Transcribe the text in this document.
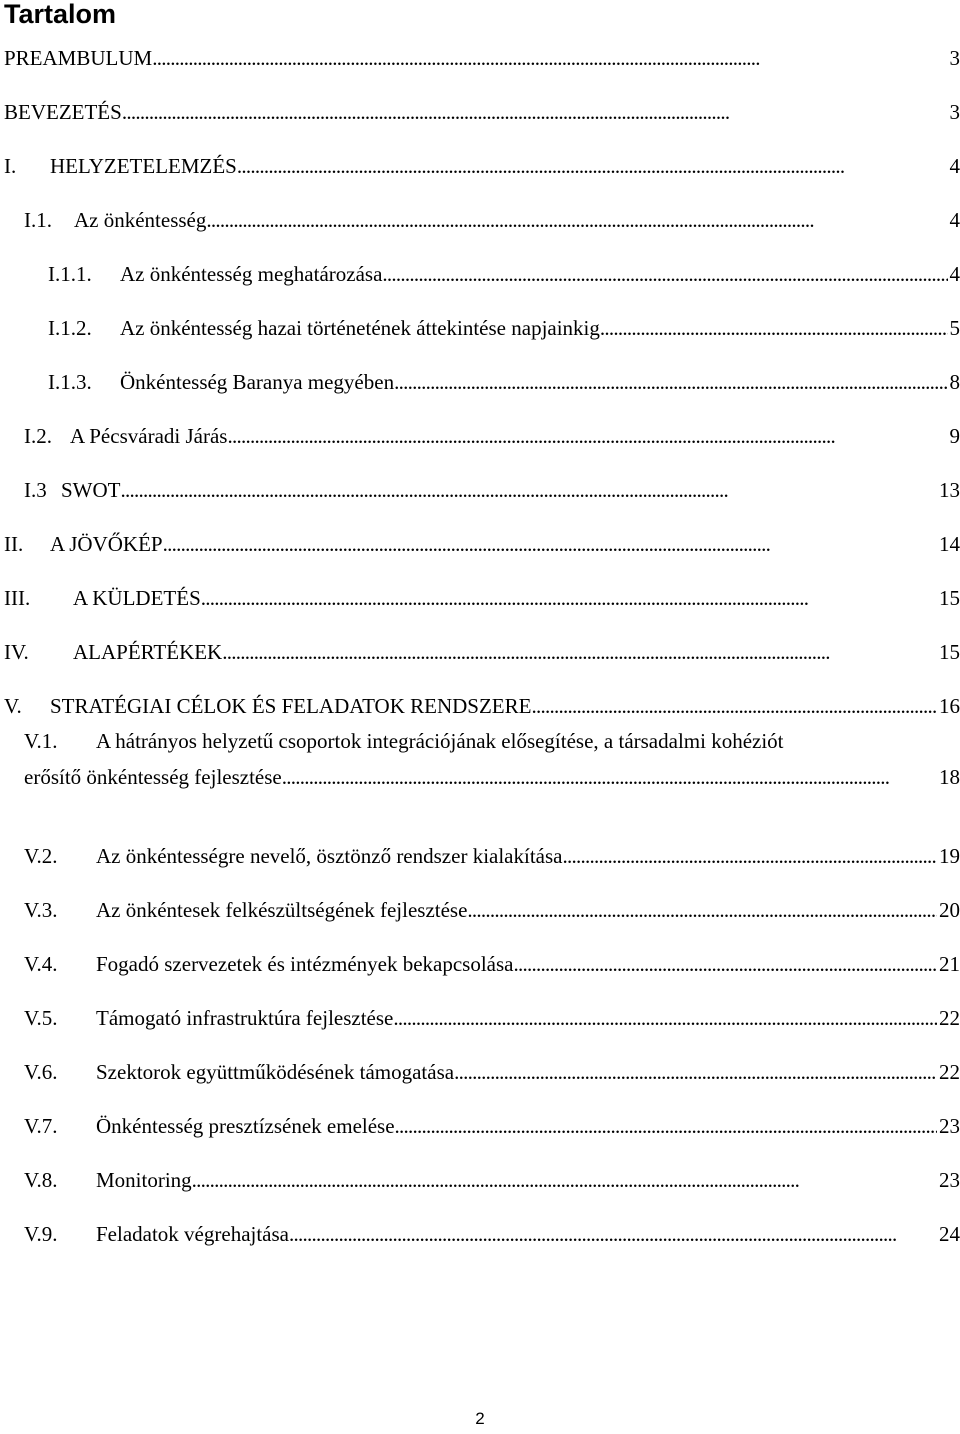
Tartalom
PREAMBULUM . . .	3
BEVEZETÉS . . .	3
I.	HELYZETELEMZÉS . . .	4
I.1.	Az önkéntesség . . .	4
I.1.1.	Az önkéntesség meghatározása . . .	4
I.1.2.	Az önkéntesség hazai történetének áttekintése napjainkig . . .	5
I.1.3.	Önkéntesség Baranya megyében . . .	8
I.2. A Pécsváradi Járás . . .	9
I.3 SWOT . . .	13
II.	A JÖVŐKÉP . . .	14
III.	A KÜLDETÉS . . .	15
IV.	ALAPÉRTÉKEK . . .	15
V.	STRATÉGIAI CÉLOK ÉS FELADATOK RENDSZERE . . .	16
V.1. A hátrányos helyzetű csoportok integrációjának elősegítése, a társadalmi kohéziót
erősítő önkéntesség fejlesztése . . .	18
V.2.	Az önkéntességre nevelő, ösztönző rendszer kialakítása . . .	19
V.3.	Az önkéntesek felkészültségének fejlesztése . . .	20
V.4.	Fogadó szervezetek és intézmények bekapcsolása . . .	21
V.5.	Támogató infrastruktúra fejlesztése . . .	22
V.6.	Szektorok együttműködésének támogatása . . .	22
V.7.	Önkéntesség presztízsének emelése . . .	23
V.8.	Monitoring . . .	23
V.9.	Feladatok végrehajtása . . .	24
2
